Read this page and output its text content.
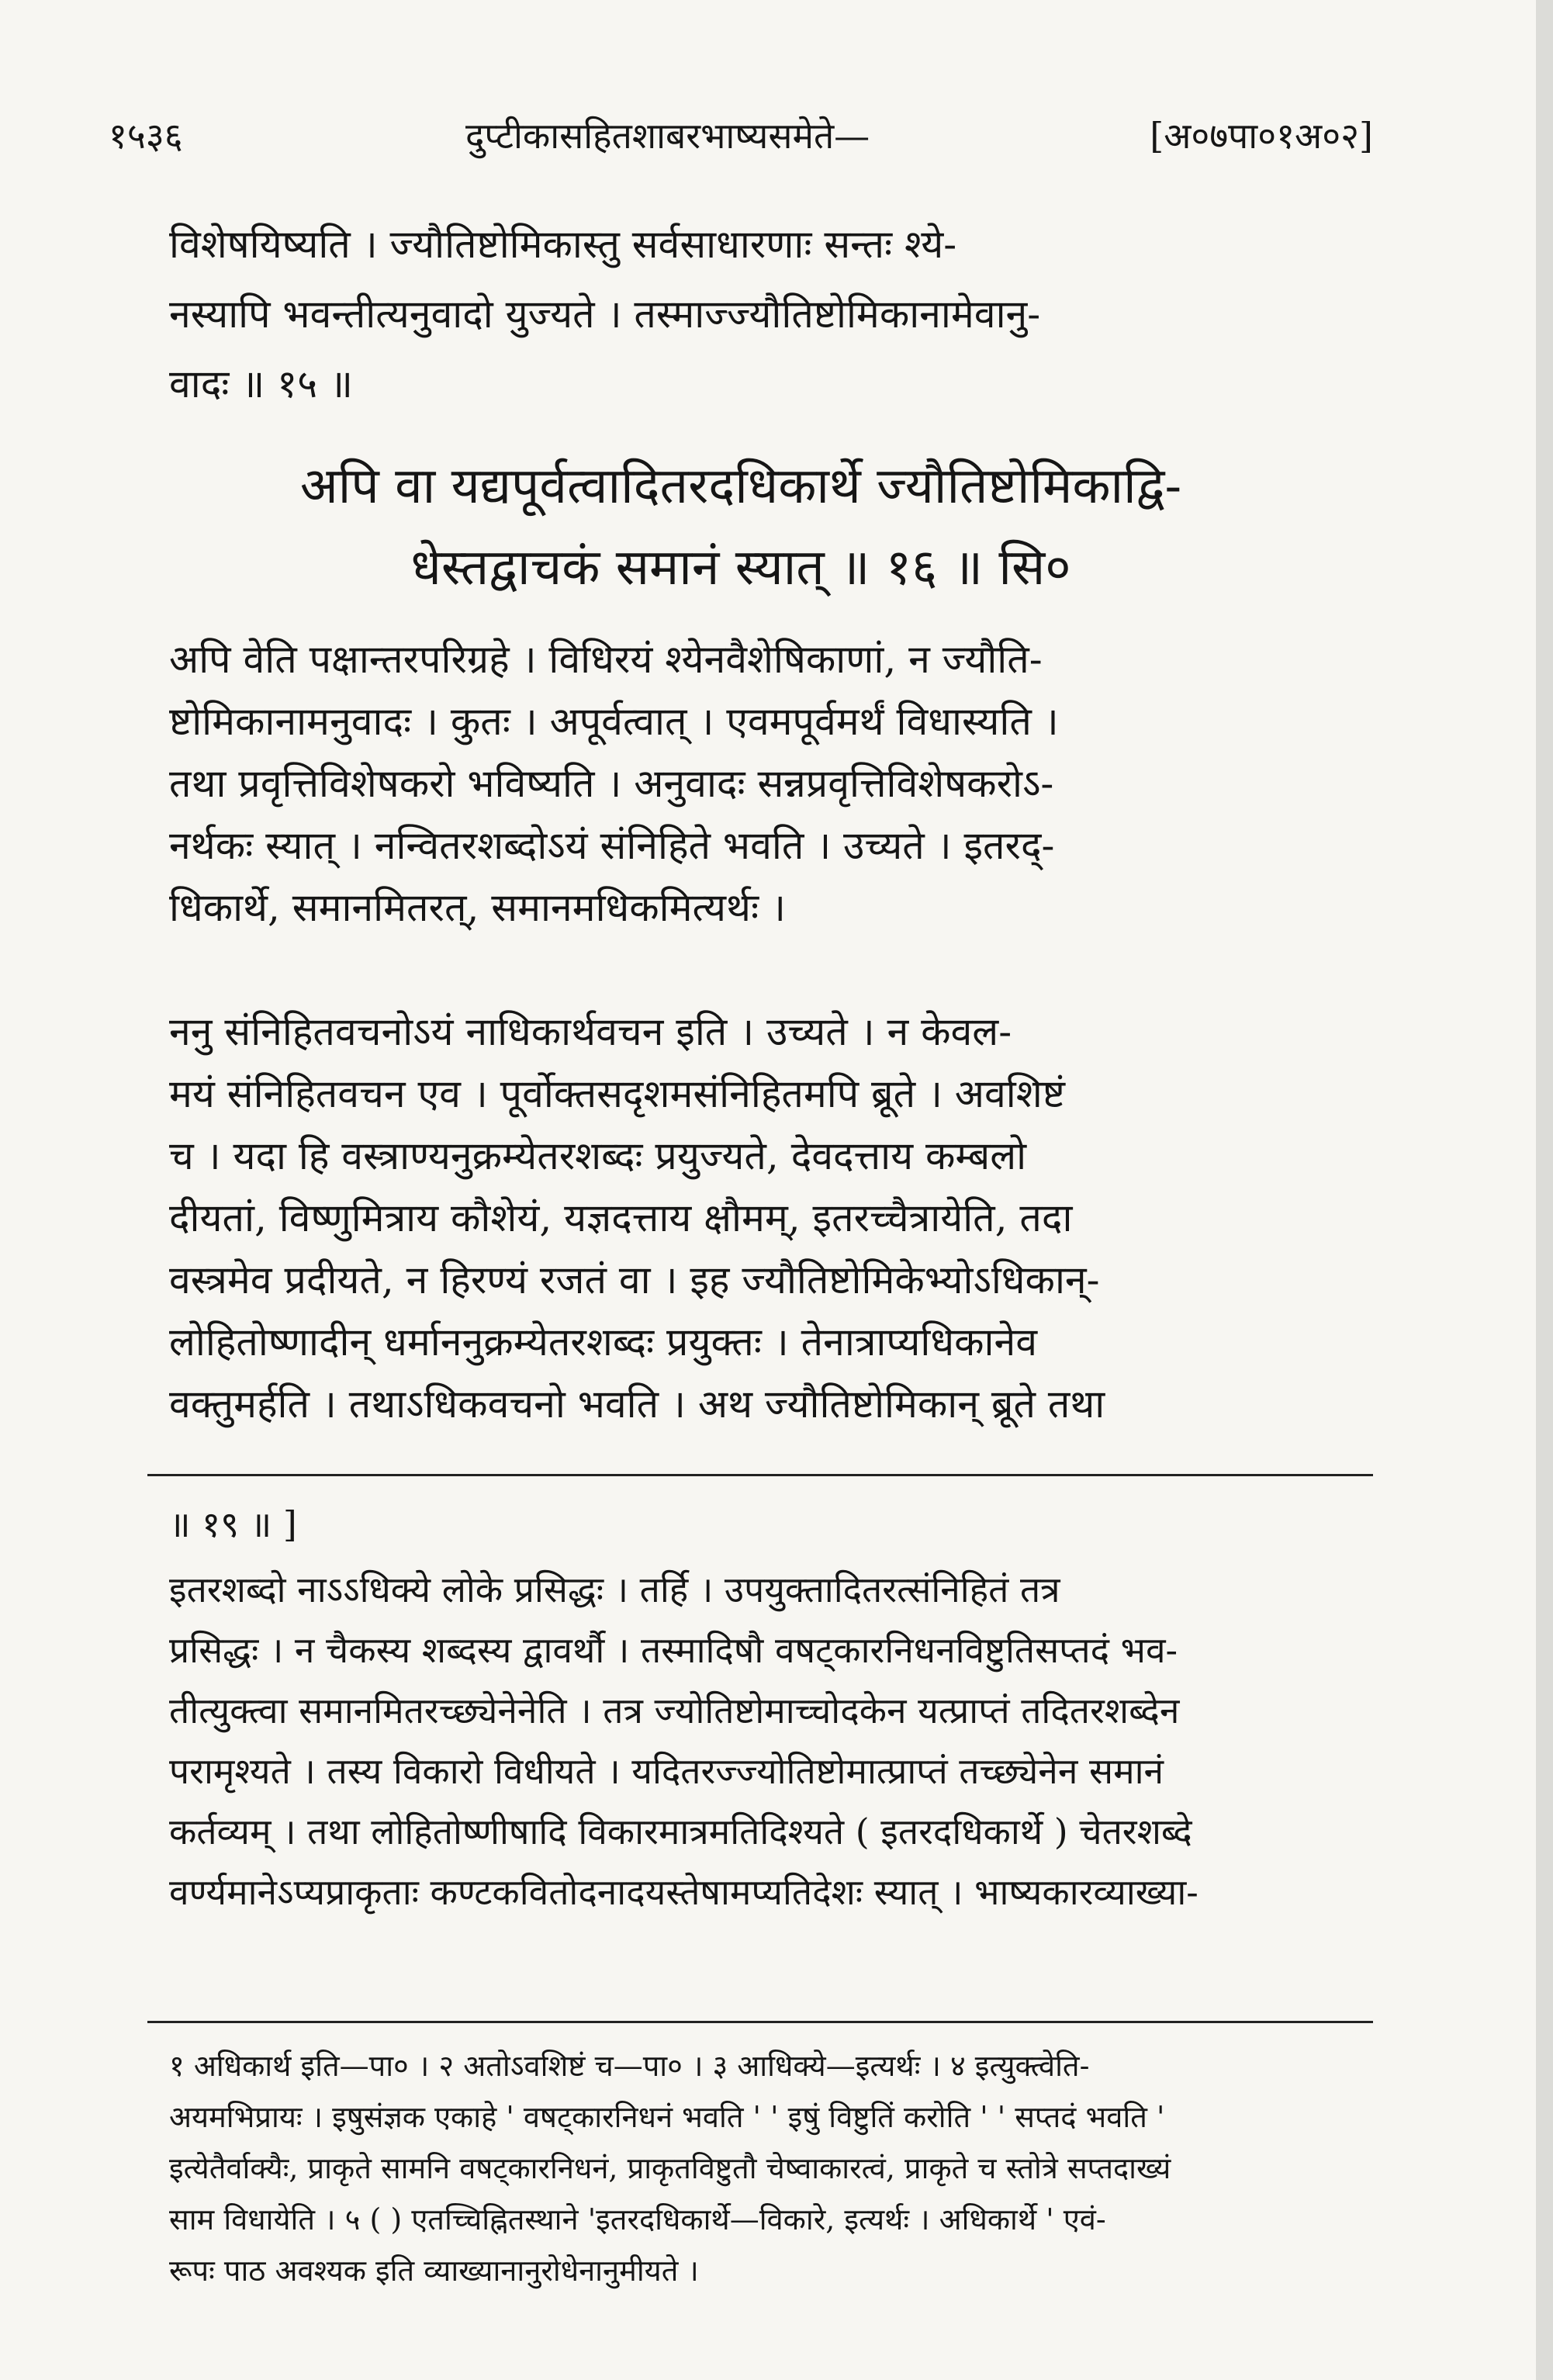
१५३६	दुप्टीकासहितशाबरभाष्यसमेते—	[अ०७पा०१अ०२]
विशेषयिष्यति । ज्यौतिष्टोमिकास्तु सर्वसाधारणाः सन्तः श्ये-
नस्यापि भवन्तीत्यनुवादो युज्यते । तस्माज्ज्यौतिष्टोमिकानामेवानु-
वादः ॥ १५ ॥
अपि वा यद्यपूर्वत्वादितरदधिकार्थे ज्यौतिष्टोमिकाद्वि-
धेस्तद्वाचकं समानं स्यात् ॥ १६ ॥ सि०
अपि वेति पक्षान्तरपरिग्रहे । विधिरयं श्येनवैशेषिकाणां, न ज्यौति-
ष्टोमिकानामनुवादः । कुतः । अपूर्वत्वात् । एवमपूर्वमर्थं विधास्यति ।
तथा प्रवृत्तिविशेषकरो भविष्यति । अनुवादः सन्नप्रवृत्तिविशेषकरोऽ-
नर्थकः स्यात् । नन्वितरशब्दोऽयं संनिहिते भवति । उच्यते । इतरद्-
धिकार्थे, समानमितरत्, समानमधिकमित्यर्थः ।
ननु संनिहितवचनोऽयं नाधिकार्थवचन इति । उच्यते । न केवल-
मयं संनिहितवचन एव । पूर्वोक्तसदृशमसंनिहितमपि ब्रूते । अवशिष्टं
च । यदा हि वस्त्राण्यनुक्रम्येतरशब्दः प्रयुज्यते, देवदत्ताय कम्बलो
दीयतां, विष्णुमित्राय कौशेयं, यज्ञदत्ताय क्षौमम्, इतरच्चैत्रायेति, तदा
वस्त्रमेव प्रदीयते, न हिरण्यं रजतं वा । इह ज्यौतिष्टोमिकेभ्योऽधिकान्-
लोहितोष्णादीन् धर्माननुक्रम्येतरशब्दः प्रयुक्तः । तेनात्राप्यधिकानेव
वक्तुमर्हति । तथाऽधिकवचनो भवति । अथ ज्यौतिष्टोमिकान् ब्रूते तथा
॥ १९ ॥ ]
इतरशब्दो नाऽऽधिक्ये लोके प्रसिद्धः । तर्हि । उपयुक्तादितरत्संनिहितं तत्र
प्रसिद्धः । न चैकस्य शब्दस्य द्वावर्थौ । तस्मादिषौ वषट्कारनिधनविष्टुतिसप्तदं भव-
तीत्युक्त्वा समानमितरच्छ्येनेनेति । तत्र ज्योतिष्टोमाच्चोदकेन यत्प्राप्तं तदितरशब्देन
परामृश्यते । तस्य विकारो विधीयते । यदितरज्ज्योतिष्टोमात्प्राप्तं तच्छ्येनेन समानं
कर्तव्यम् । तथा लोहितोष्णीषादि विकारमात्रमतिदिश्यते ( इतरदधिकार्थे ) चेतरशब्दे
वर्ण्यमानेऽप्यप्राकृताः कण्टकवितोदनादयस्तेषामप्यतिदेशः स्यात् । भाष्यकारव्याख्या-
१ अधिकार्थ इति—पा० । २ अतोऽवशिष्टं च—पा० । ३ आधिक्ये—इत्यर्थः । ४ इत्युक्त्वेति-
अयमभिप्रायः । इषुसंज्ञक एकाहे ' वषट्कारनिधनं भवति ' ' इषुं विष्टुतिं करोति ' ' सप्तदं भवति '
इत्येतैर्वाक्यैः, प्राकृते सामनि वषट्कारनिधनं, प्राकृतविष्टुतौ चेष्वाकारत्वं, प्राकृते च स्तोत्रे सप्तदाख्यं
साम विधायेति । ५ ( ) एतच्चिह्नितस्थाने 'इतरदधिकार्थे—विकारे, इत्यर्थः । अधिकार्थे ' एवं-
रूपः पाठ अवश्यक इति व्याख्यानानुरोधेनानुमीयते ।
